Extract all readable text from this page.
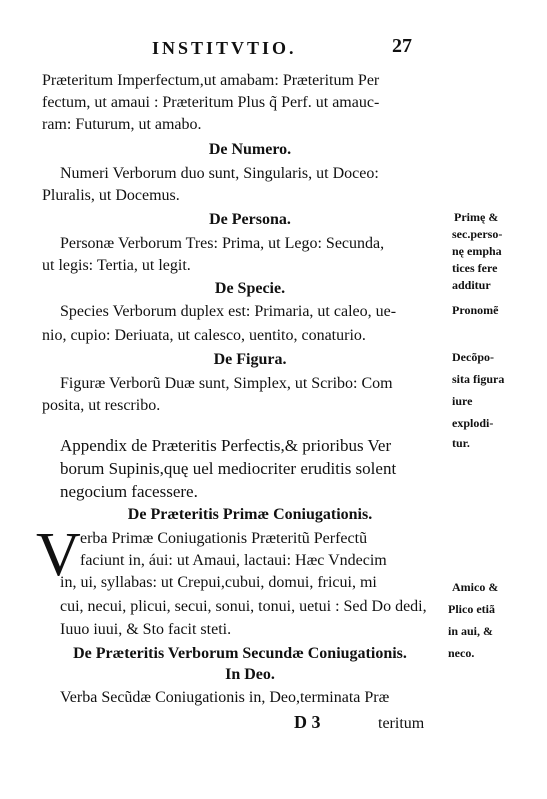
INSTITVTIO.	27
Præteritum Imperfectum,ut amabam: Præteritum Per
fectum, ut amaui : Præteritum Plus q̃ Perf. ut amauc-
ram: Futurum, ut amabo.
De Numero.
Numeri Verborum duo sunt, Singularis, ut Doceo:
Pluralis, ut Docemus.
De Persona.
Personæ Verborum Tres: Prima, ut Lego: Secunda,
ut legis: Tertia, ut legit.
De Specie.
Species Verborum duplex est: Primaria, ut caleo, ue-
nio, cupio: Deriuata, ut calesco, uentito, conaturio.
De Figura.
Figuræ Verborũ Duæ sunt, Simplex, ut Scribo: Com
posita, ut rescribo.
Appendix de Præteritis Perfectis,& prioribus Ver
borum Supinis,quę uel mediocriter eruditis solent
negocium facessere.
De Præteritis Primæ Coniugationis.
V erba Primæ Coniugationis Præteritũ Perfectũ
faciunt in, áui: ut Amaui, lactaui: Hæc Vndecim
in, ui, syllabas: ut Crepui,cubui, domui, fricui, mi
cui, necui, plicui, secui, sonui, tonui, uetui : Sed Do dedi,
Iuuo iuui, & Sto facit steti.
De Præteritis Verborum Secundæ Coniugationis.
In Deo.
Verba Secũdæ Coniugationis in, Deo,terminata Præ
D 3	teritum
Primę &
sec.perso-
nę empha
tices fere
additur
Pronomẽ
Decõpo-
sita figura
iure
explodi-
tur.
Amico &
Plico etiã
in aui, &
neco.
